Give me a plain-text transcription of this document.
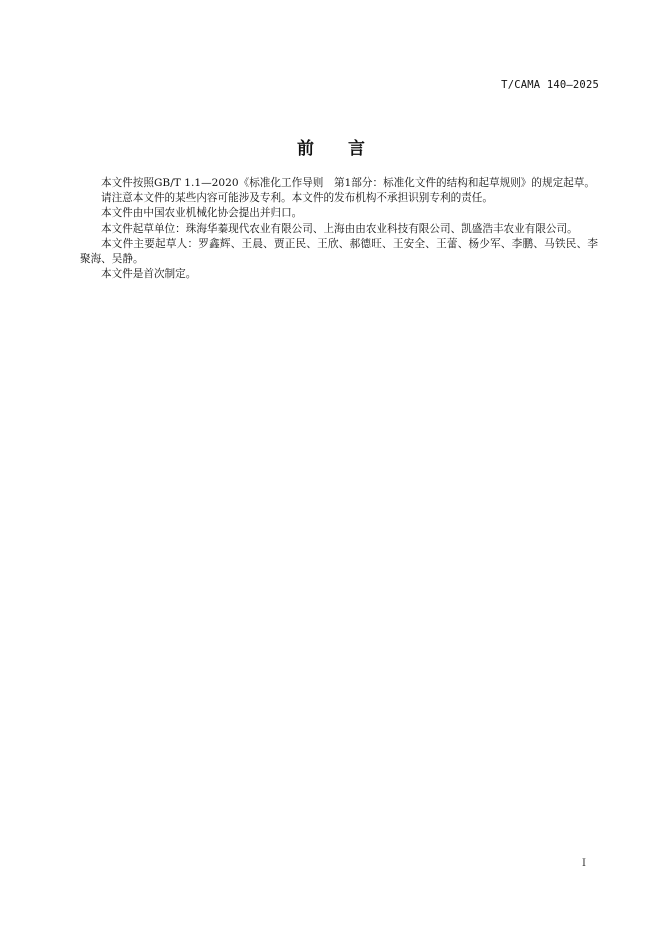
T/CAMA 140—2025
前 言

本文件按照GB/T 1.1—2020《标准化工作导则　第1部分：标准化文件的结构和起草规则》的规定起草。

请注意本文件的某些内容可能涉及专利。本文件的发布机构不承担识别专利的责任。

本文件由中国农业机械化协会提出并归口。

本文件起草单位：珠海华蓁现代农业有限公司、上海由由农业科技有限公司、凯盛浩丰农业有限公司。

本文件主要起草人：罗鑫辉、王晨、贾正民、王欣、郝德旺、王安全、王蕾、杨少军、李鹏、马铁民、李聚海、吴静。

本文件是首次制定。

I
